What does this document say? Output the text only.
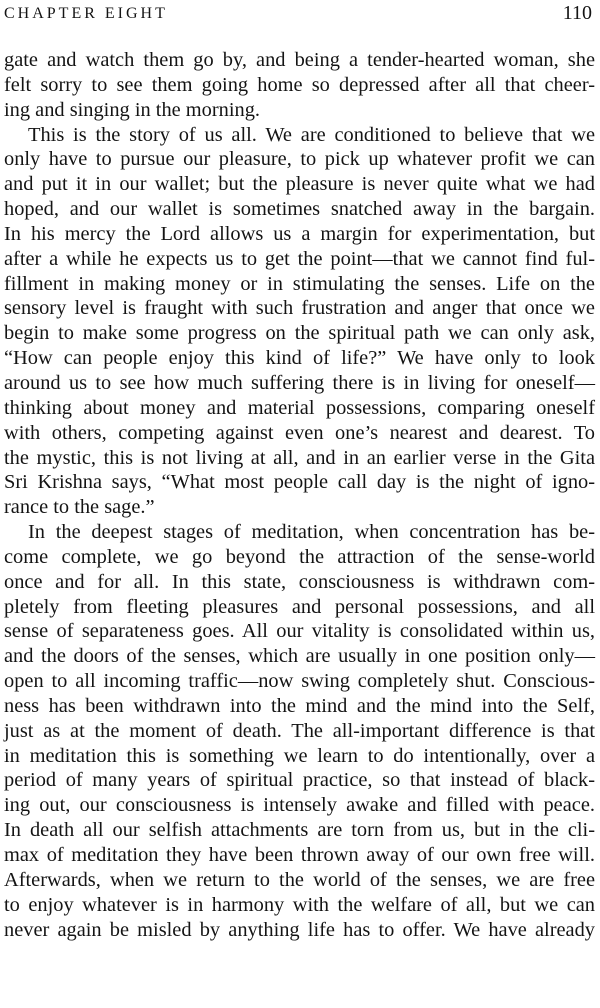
CHAPTER EIGHT	110
gate and watch them go by, and being a tender-hearted woman, she
felt sorry to see them going home so depressed after all that cheer-
ing and singing in the morning.
This is the story of us all. We are conditioned to believe that we
only have to pursue our pleasure, to pick up whatever profit we can
and put it in our wallet; but the pleasure is never quite what we had
hoped, and our wallet is sometimes snatched away in the bargain.
In his mercy the Lord allows us a margin for experimentation, but
after a while he expects us to get the point—that we cannot find ful-
fillment in making money or in stimulating the senses. Life on the
sensory level is fraught with such frustration and anger that once we
begin to make some progress on the spiritual path we can only ask,
“How can people enjoy this kind of life?” We have only to look
around us to see how much suffering there is in living for oneself—
thinking about money and material possessions, comparing oneself
with others, competing against even one’s nearest and dearest. To
the mystic, this is not living at all, and in an earlier verse in the Gita
Sri Krishna says, “What most people call day is the night of igno-
rance to the sage.”
In the deepest stages of meditation, when concentration has be-
come complete, we go beyond the attraction of the sense-world
once and for all. In this state, consciousness is withdrawn com-
pletely from fleeting pleasures and personal possessions, and all
sense of separateness goes. All our vitality is consolidated within us,
and the doors of the senses, which are usually in one position only—
open to all incoming traffic—now swing completely shut. Conscious-
ness has been withdrawn into the mind and the mind into the Self,
just as at the moment of death. The all-important difference is that
in meditation this is something we learn to do intentionally, over a
period of many years of spiritual practice, so that instead of black-
ing out, our consciousness is intensely awake and filled with peace.
In death all our selfish attachments are torn from us, but in the cli-
max of meditation they have been thrown away of our own free will.
Afterwards, when we return to the world of the senses, we are free
to enjoy whatever is in harmony with the welfare of all, but we can
never again be misled by anything life has to offer. We have already
